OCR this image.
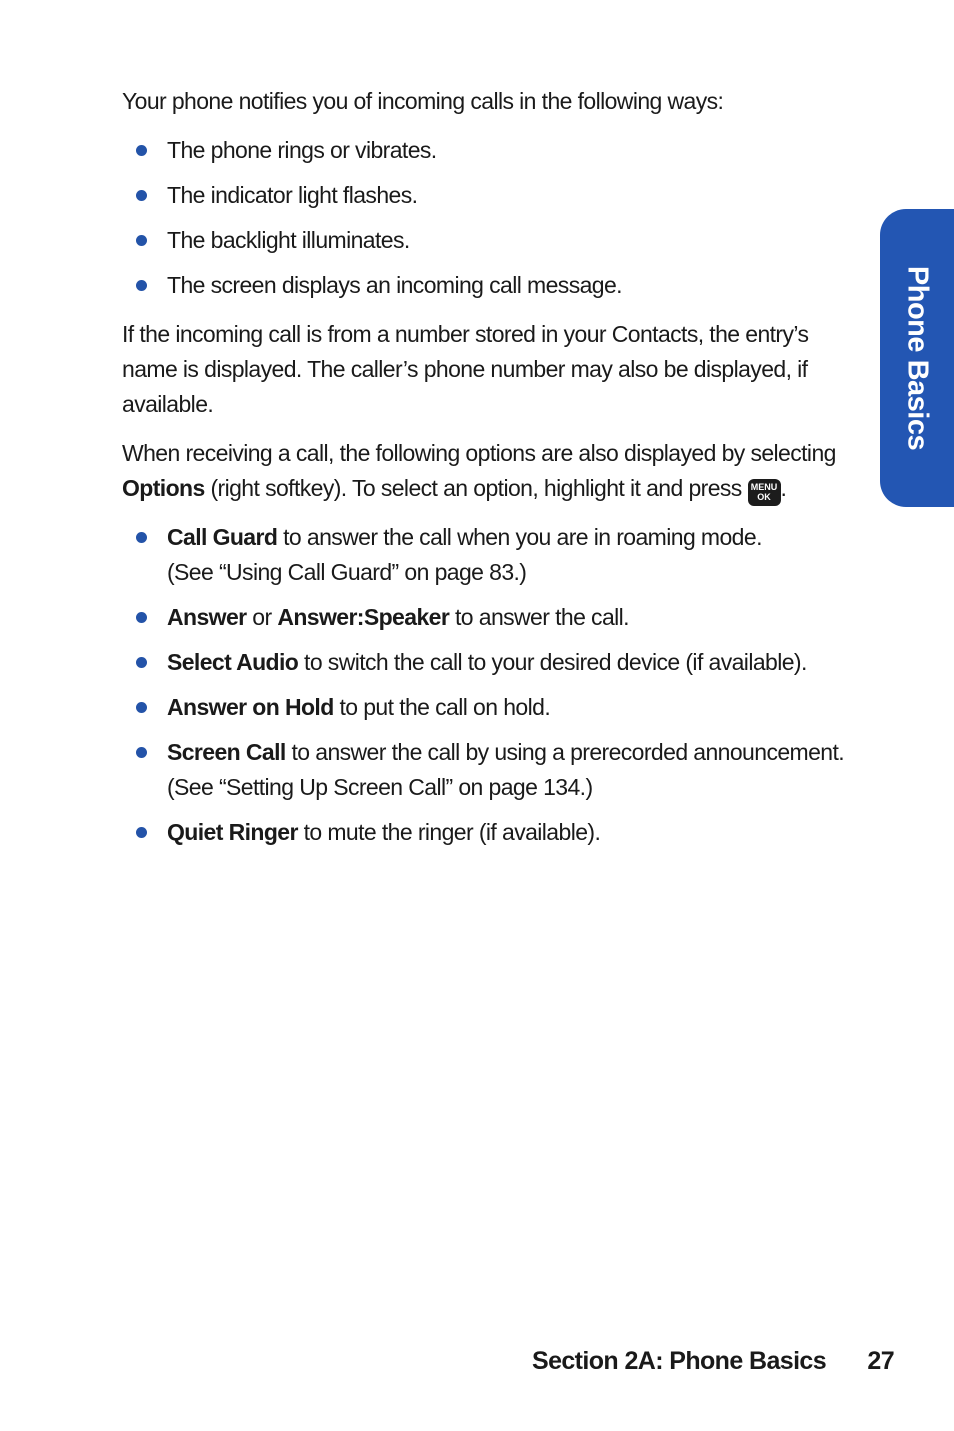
Your phone notifies you of incoming calls in the following ways:

The phone rings or vibrates.
The indicator light flashes.
The backlight illuminates.
The screen displays an incoming call message.

If the incoming call is from a number stored in your Contacts, the entry’s name is displayed. The caller’s phone number may also be displayed, if available.

When receiving a call, the following options are also displayed by selecting Options (right softkey). To select an option, highlight it and press MENU
OK .

Call Guard to answer the call when you are in roaming mode.
(See “Using Call Guard” on page 83.)
Answer or Answer:Speaker to answer the call.
Select Audio to switch the call to your desired device (if available).
Answer on Hold to put the call on hold.
Screen Call to answer the call by using a prerecorded announcement.
(See “Setting Up Screen Call” on page 134.)
Quiet Ringer to mute the ringer (if available).
Phone Basics
Section 2A: Phone Basics 27
